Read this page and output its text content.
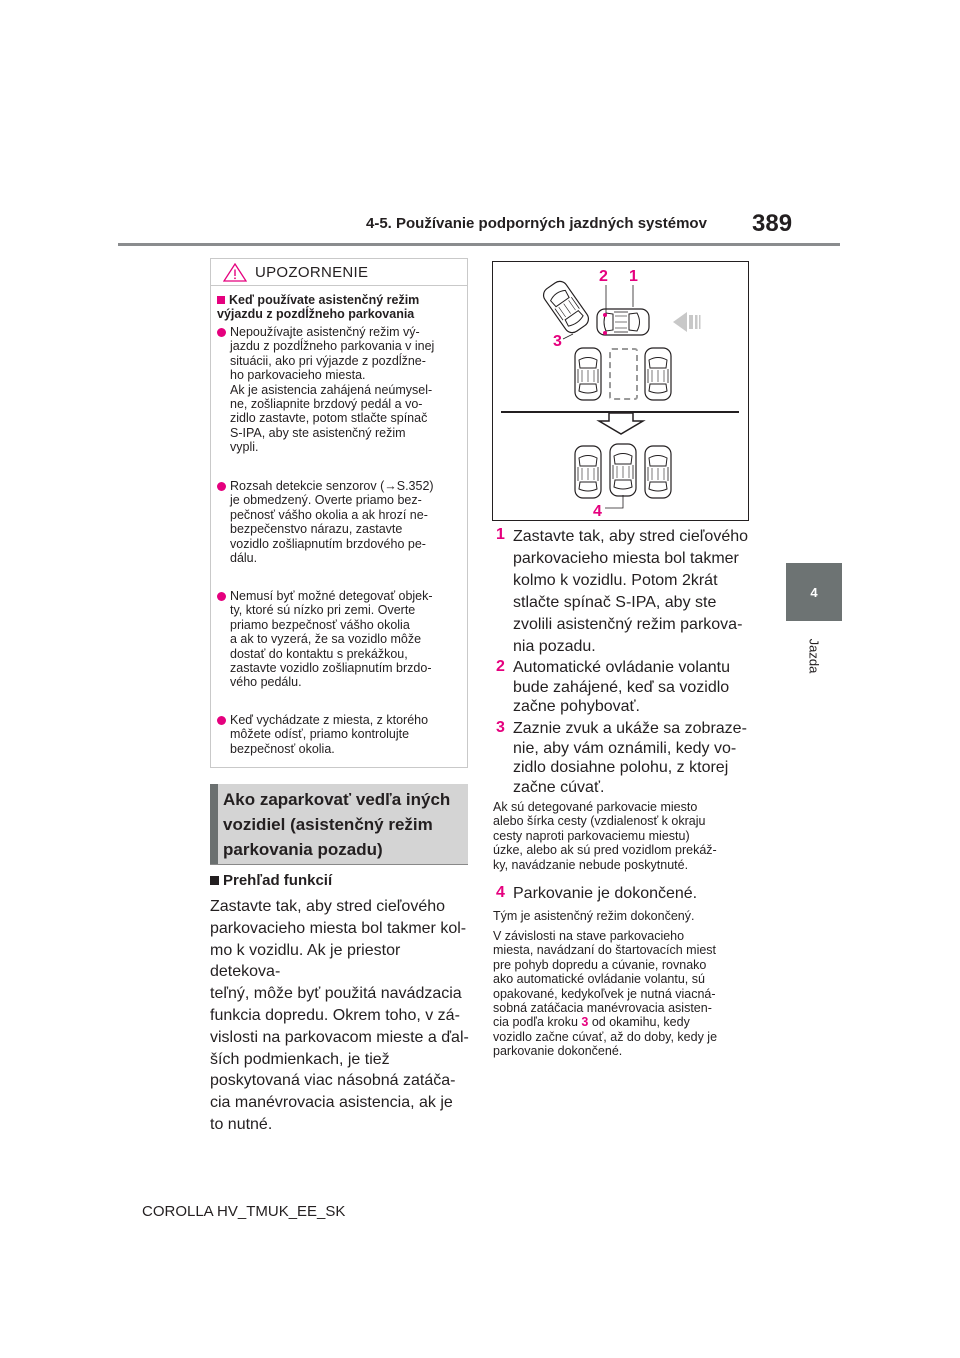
4-5. Používanie podporných jazdných systémov 389
4
Jazda
UPOZORNENIE
Keď používate asistenčný režim
výjazdu z pozdĺžneho parkovania
Nepoužívajte asistenčný režim vý-
jazdu z pozdĺžneho parkovania v inej
situácii, ako pri výjazde z pozdĺžne-
ho parkovacieho miesta.
Ak je asistencia zahájená neúmysel-
ne, zošliapnite brzdový pedál a vo-
zidlo zastavte, potom stlačte spínač
S-IPA, aby ste asistenčný režim
vypli.
Rozsah detekcie senzorov (→S.352)
je obmedzený. Overte priamo bez-
pečnosť vášho okolia a ak hrozí ne-
bezpečenstvo nárazu, zastavte
vozidlo zošliapnutím brzdového pe-
dálu.
Nemusí byť možné detegovať objek-
ty, ktoré sú nízko pri zemi. Overte
priamo bezpečnosť vášho okolia
a ak to vyzerá, že sa vozidlo môže
dostať do kontaktu s prekážkou,
zastavte vozidlo zošliapnutím brzdo-
vého pedálu.
Keď vychádzate z miesta, z ktorého
môžete odísť, priamo kontrolujte
bezpečnosť okolia.
Ako zaparkovať vedľa iných
vozidiel (asistenčný režim
parkovania pozadu)
Prehľad funkcií
Zastavte tak, aby stred cieľového
parkovacieho miesta bol takmer kol-
mo k vozidlu. Ak je priestor detekova-
teľný, môže byť použitá navádzacia
funkcia dopredu. Okrem toho, v zá-
vislosti na parkovacom mieste a ďal-
ších podmienkach, je tiež
poskytovaná viac násobná zatáča-
cia manévrovacia asistencia, ak je
to nutné.
2 1
3
4
1 Zastavte tak, aby stred cieľového
parkovacieho miesta bol takmer
kolmo k vozidlu. Potom 2krát
stlačte spínač S-IPA, aby ste
zvolili asistenčný režim parkova-
nia pozadu.
2 Automatické ovládanie volantu
bude zahájené, keď sa vozidlo
začne pohybovať.
3 Zaznie zvuk a ukáže sa zobraze-
nie, aby vám oznámili, kedy vo-
zidlo dosiahne polohu, z ktorej
začne cúvať.
Ak sú detegované parkovacie miesto
alebo šírka cesty (vzdialenosť k okraju
cesty naproti parkovaciemu miestu)
úzke, alebo ak sú pred vozidlom prekáž-
ky, navádzanie nebude poskytnuté.
4 Parkovanie je dokončené.
Tým je asistenčný režim dokončený.
V závislosti na stave parkovacieho
miesta, navádzaní do štartovacích miest
pre pohyb dopredu a cúvanie, rovnako
ako automatické ovládanie volantu, sú
opakované, kedykoľvek je nutná viacná-
sobná zatáčacia manévrovacia asisten-
cia podľa kroku 3 od okamihu, kedy
vozidlo začne cúvať, až do doby, kedy je
parkovanie dokončené.
COROLLA HV_TMUK_EE_SK
